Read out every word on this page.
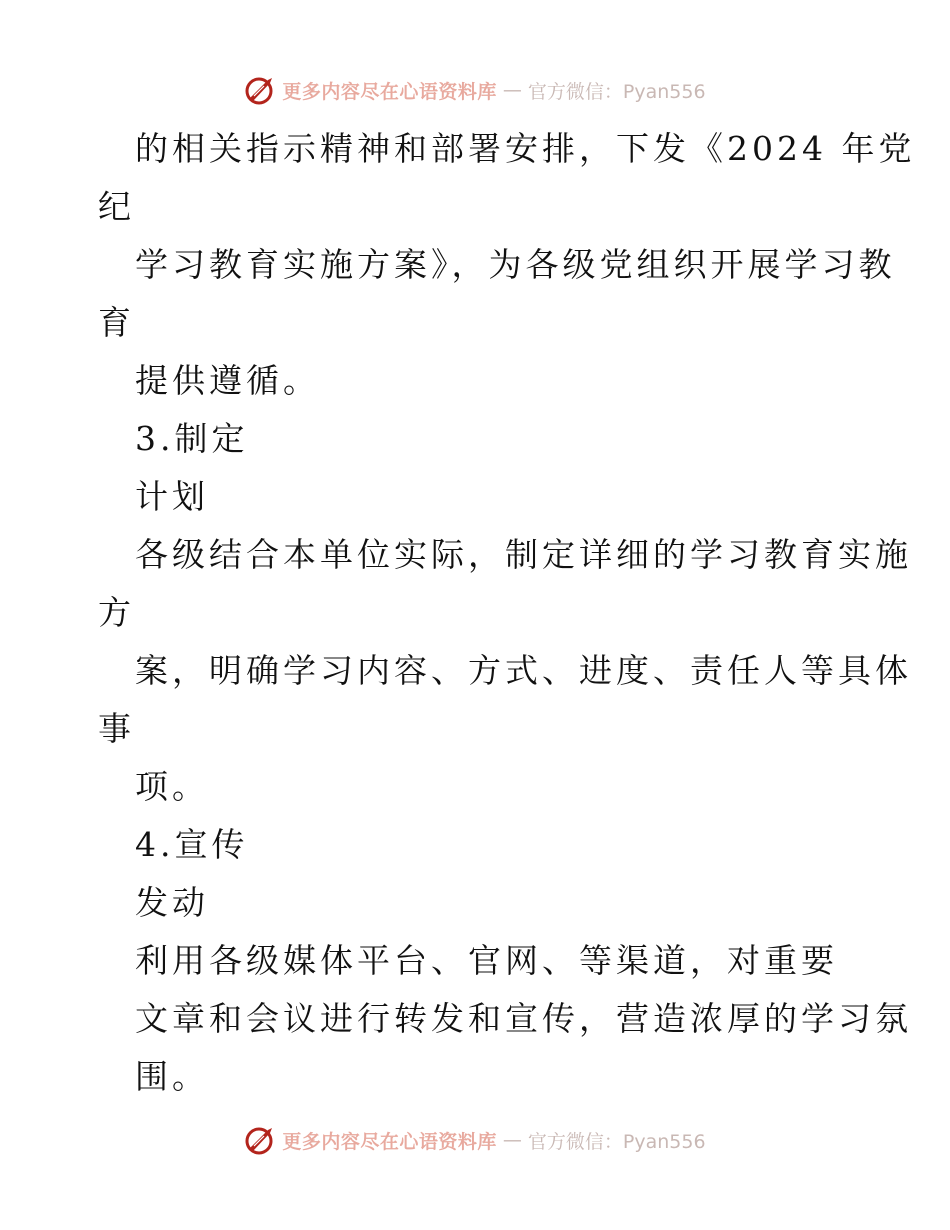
更多内容尽在心语资料库 — 官方微信：Pyan556
的相关指示精神和部署安排，下发《2024 年党
纪
学习教育实施方案》，为各级党组织开展学习教
育
提供遵循。
3.制定
计划
各级结合本单位实际，制定详细的学习教育实施
方
案，明确学习内容、方式、进度、责任人等具体
事
项。
4.宣传
发动
利用各级媒体平台、官网、等渠道，对重要
文章和会议进行转发和宣传，营造浓厚的学习氛
围。
更多内容尽在心语资料库 — 官方微信：Pyan556
